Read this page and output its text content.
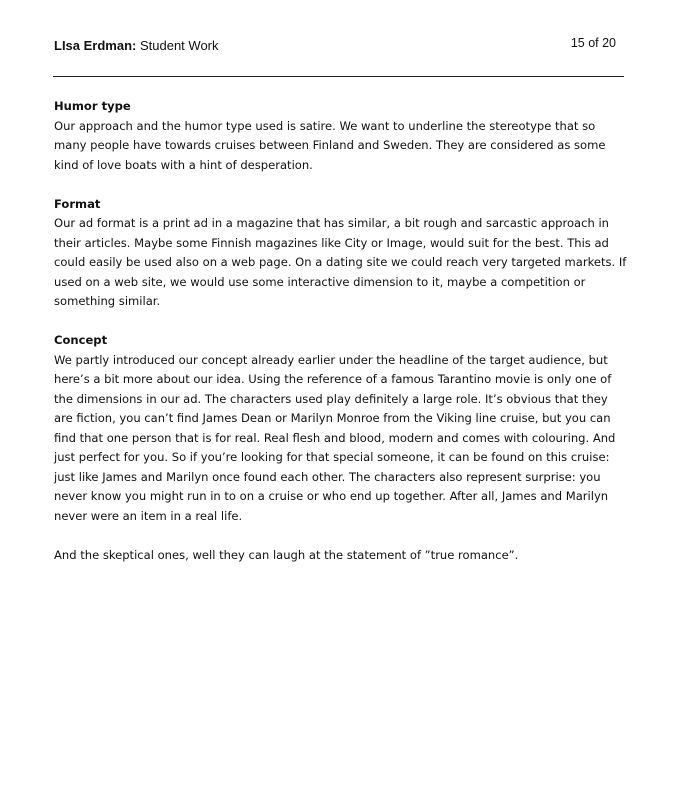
LIsa Erdman: Student Work	15 of 20
Humor type

Our approach and the humor type used is satire. We want to underline the stereotype that so many people have towards cruises between Finland and Sweden. They are considered as some kind of love boats with a hint of desperation.

Format

Our ad format is a print ad in a magazine that has similar, a bit rough and sarcastic approach in their articles. Maybe some Finnish magazines like City or Image, would suit for the best. This ad could easily be used also on a web page. On a dating site we could reach very targeted markets. If used on a web site, we would use some interactive dimension to it, maybe a competition or something similar.

Concept

We partly introduced our concept already earlier under the headline of the target audience, but here’s a bit more about our idea. Using the reference of a famous Tarantino movie is only one of the dimensions in our ad. The characters used play definitely a large role. It’s obvious that they are fiction, you can’t find James Dean or Marilyn Monroe from the Viking line cruise, but you can find that one person that is for real. Real flesh and blood, modern and comes with colouring. And just perfect for you. So if you’re looking for that special someone, it can be found on this cruise: just like James and Marilyn once found each other. The characters also represent surprise: you never know you might run in to on a cruise or who end up together. After all, James and Marilyn never were an item in a real life.

And the skeptical ones, well they can laugh at the statement of ”true romance”.
